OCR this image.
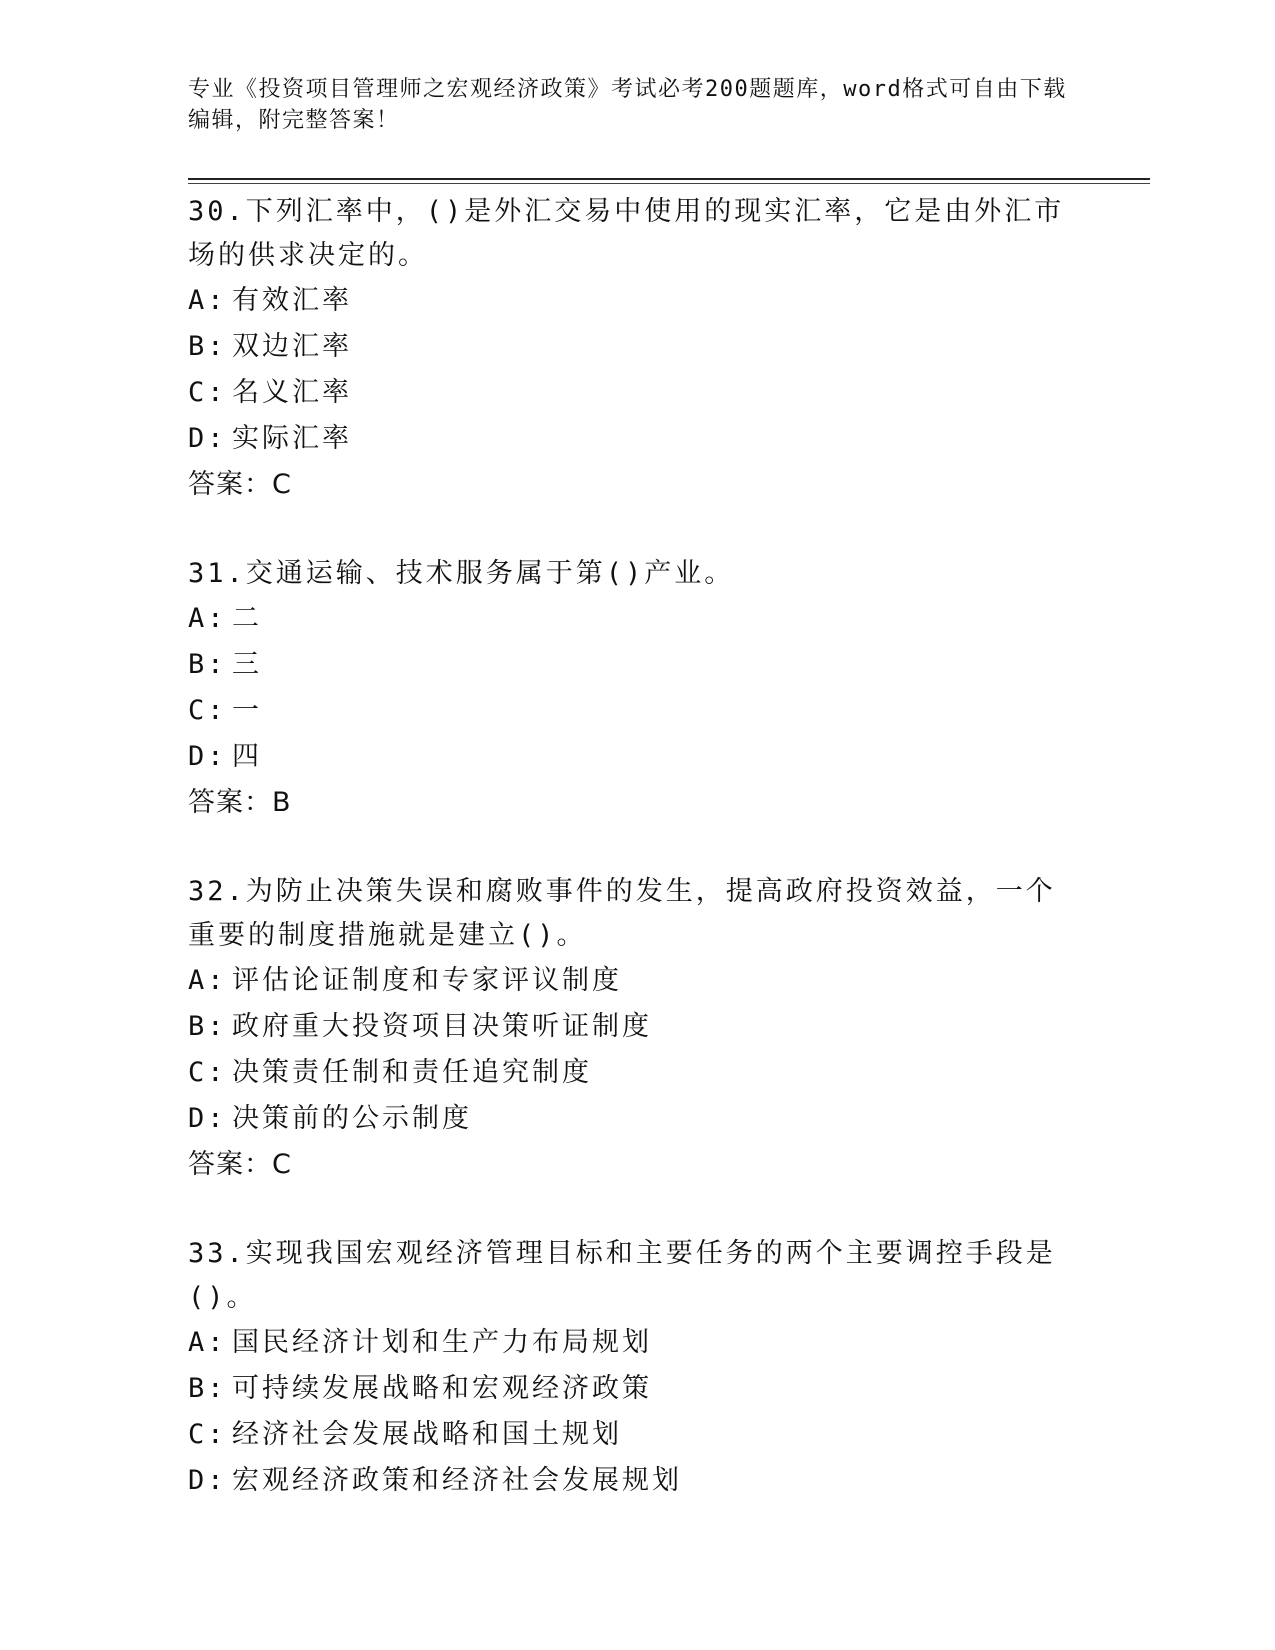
专业《投资项目管理师之宏观经济政策》考试必考200题题库，word格式可自由下载编辑，附完整答案！
30.下列汇率中，()是外汇交易中使用的现实汇率，它是由外汇市场的供求决定的。
A: 有效汇率
B: 双边汇率
C: 名义汇率
D: 实际汇率
答案：C
31.交通运输、技术服务属于第()产业。
A: 二
B: 三
C: 一
D: 四
答案：B
32.为防止决策失误和腐败事件的发生，提高政府投资效益，一个重要的制度措施就是建立()。
A: 评估论证制度和专家评议制度
B: 政府重大投资项目决策听证制度
C: 决策责任制和责任追究制度
D: 决策前的公示制度
答案：C
33.实现我国宏观经济管理目标和主要任务的两个主要调控手段是()。
A: 国民经济计划和生产力布局规划
B: 可持续发展战略和宏观经济政策
C: 经济社会发展战略和国土规划
D: 宏观经济政策和经济社会发展规划
